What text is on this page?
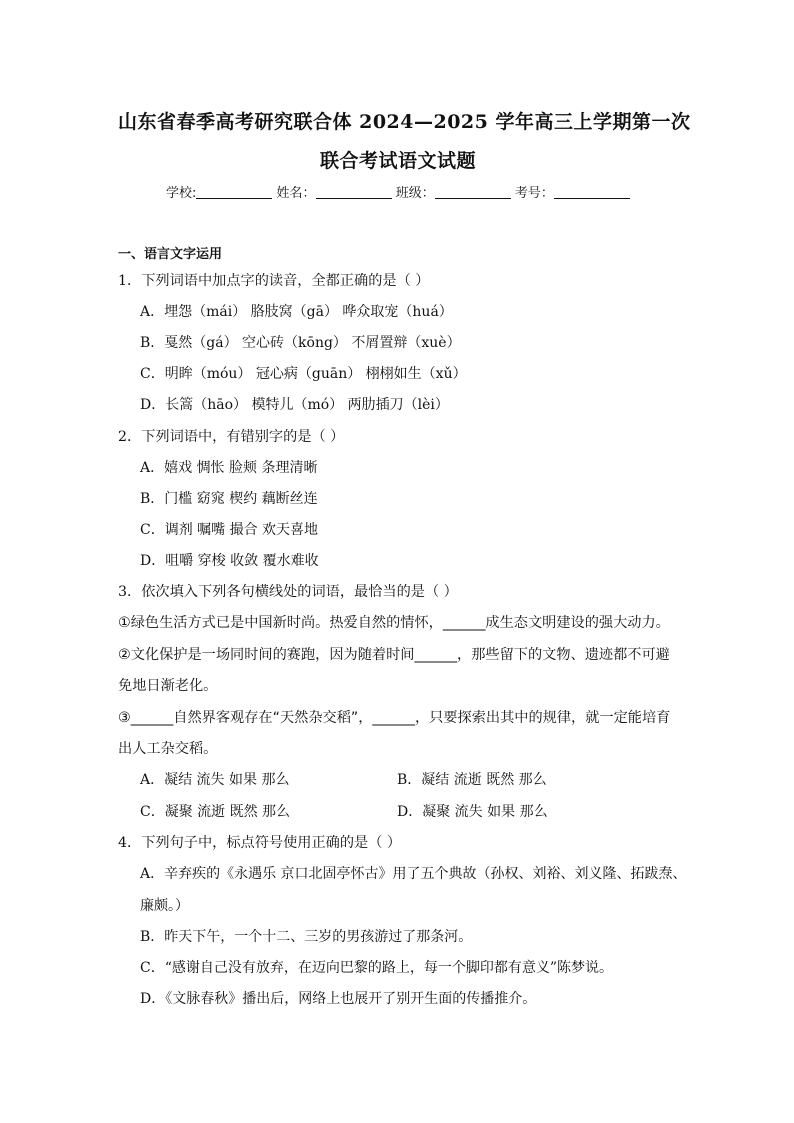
山东省春季高考研究联合体 2024—2025 学年高三上学期第一次
联合考试语文试题
学校:	姓名：	班级：	考号：
一、语言文字运用
1．下列词语中加点字的读音，全都正确的是（ ）
A．埋怨（mái） 胳肢窝（gā） 哗众取宠（huá）
B．戛然（gá） 空心砖（kōng） 不屑置辩（xuè）
C．明眸（móu） 冠心病（guān） 栩栩如生（xǔ）
D．长篙（hāo） 模特儿（mó） 两肋插刀（lèi）
2．下列词语中，有错别字的是（ ）
A．嬉戏 惆怅 脸颊 条理清晰
B．门槛 窈窕 楔约 藕断丝连
C．调剂 嘱嘴 撮合 欢天喜地
D．咀嚼 穿梭 收敛 覆水难收
3．依次填入下列各句横线处的词语，最恰当的是（ ）
①绿色生活方式已是中国新时尚。热爱自然的情怀，______成生态文明建设的强大动力。
②文化保护是一场同时间的赛跑，因为随着时间______，那些留下的文物、遗迹都不可避
免地日渐老化。
③______自然界客观存在“天然杂交稻”，______，只要探索出其中的规律，就一定能培育
出人工杂交稻。
A．凝结 流失 如果 那么	B．凝结 流逝 既然 那么
C．凝聚 流逝 既然 那么	D．凝聚 流失 如果 那么
4．下列句子中，标点符号使用正确的是（ ）
A．辛弃疾的《永遇乐 京口北固亭怀古》用了五个典故（孙权、刘裕、刘义隆、拓跋焘、
廉颇。）
B．昨天下午，一个十二、三岁的男孩游过了那条河。
C．“感谢自己没有放弃，在迈向巴黎的路上，每一个脚印都有意义”陈梦说。
D．《文脉春秋》播出后，网络上也展开了别开生面的传播推介。
